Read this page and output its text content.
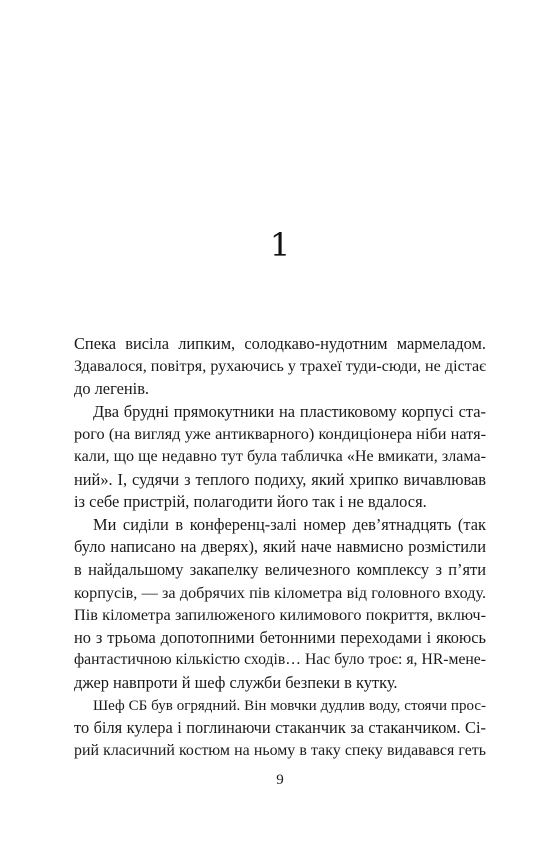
1
Спека висіла липким, солодкаво-нудотним мармеладом.
Здавалося, повітря, рухаючись у трахеї туди-сюди, не дістає
до легенів.
Два брудні прямокутники на пластиковому корпусі ста-
рого (на вигляд уже антикварного) кондиціонера ніби натя-
кали, що ще недавно тут була табличка «Не вмикати, злама-
ний». І, судячи з теплого подиху, який хрипко вичавлював
із себе пристрій, полагодити його так і не вдалося.
Ми сиділи в конференц-залі номер дев’ятнадцять (так
було написано на дверях), який наче навмисно розмістили
в найдальшому закапелку величезного комплексу з п’яти
корпусів, — за добрячих пів кілометра від головного входу.
Пів кілометра запилюженого килимового покриття, включ-
но з трьома допотопними бетонними переходами і якоюсь
фантастичною кількістю сходів… Нас було троє: я, HR-мене-
джер навпроти й шеф служби безпеки в кутку.
Шеф СБ був огрядний. Він мовчки дудлив воду, стоячи прос-
то біля кулера і поглинаючи стаканчик за стаканчиком. Сі-
рий класичний костюм на ньому в таку спеку видавався геть
9
